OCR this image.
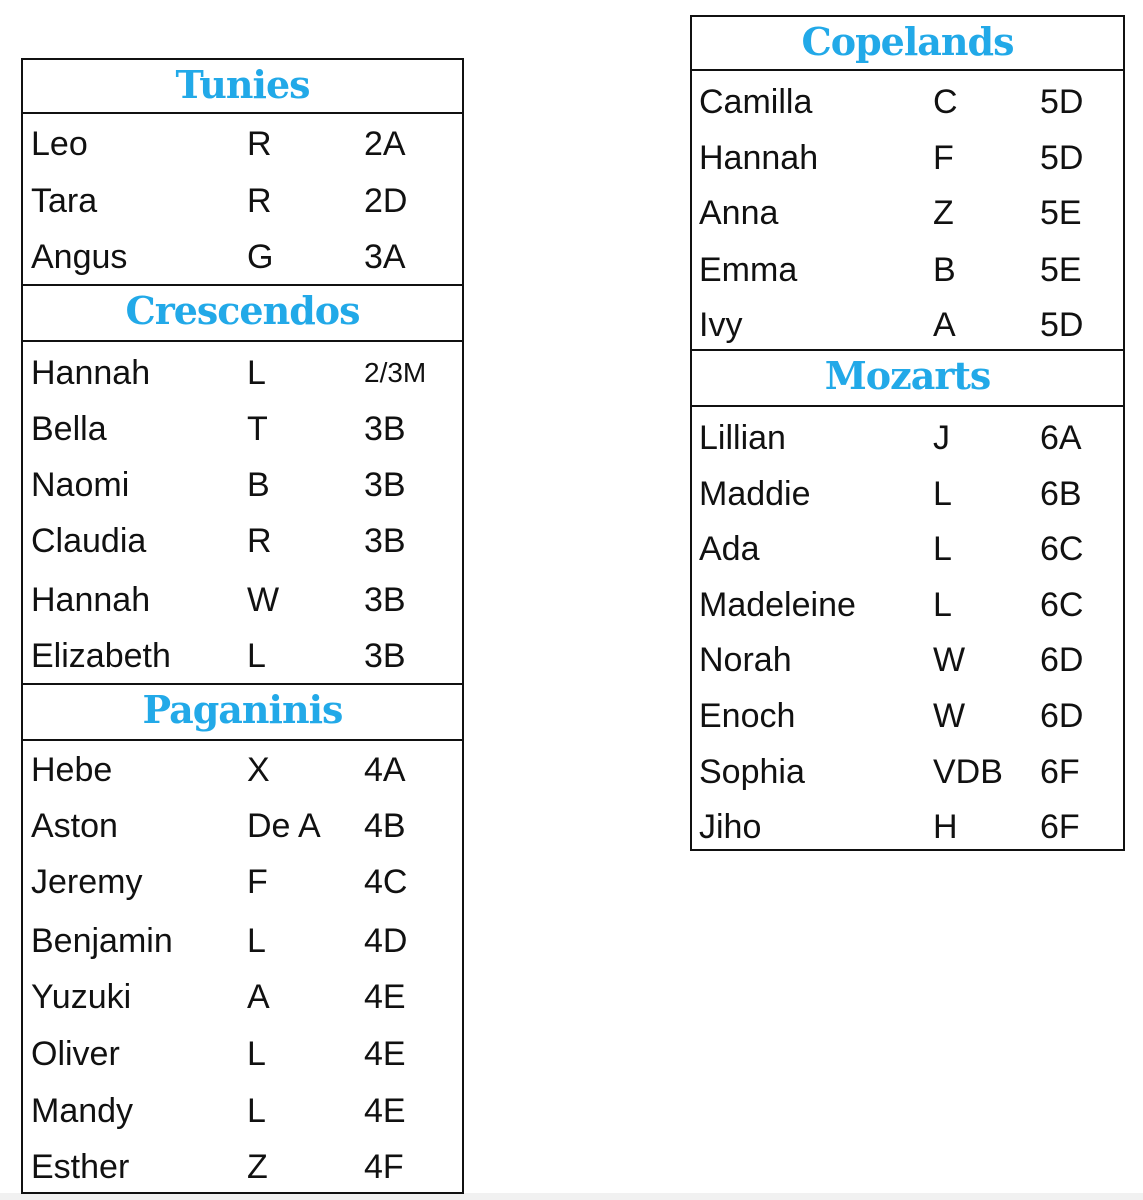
Tunies
Leo	R	2A
Tara	R	2D
Angus	G	3A
Crescendos
Hannah	L	2/3M
Bella	T	3B
Naomi	B	3B
Claudia	R	3B
Hannah	W 3B
Elizabeth L	3B
Paganinis
Hebe	X	4A
Aston	De A 4B
Jeremy	F	4C
Benjamin L	4D
Yuzuki	A	4E
Oliver	L	4E
Mandy	L	4E
Esther	Z	4F
Copelands
Camilla	C 5D
Hannah	F	5D
Anna	Z	5E
Emma	B 5E
Ivy	A 5D
Mozarts
Lillian	J	6A
Maddie	L	6B
Ada	L	6C
Madeleine L	6C
Norah	W 6D
Enoch	W 6D
Sophia	VDB 6F
Jiho	H 6F
